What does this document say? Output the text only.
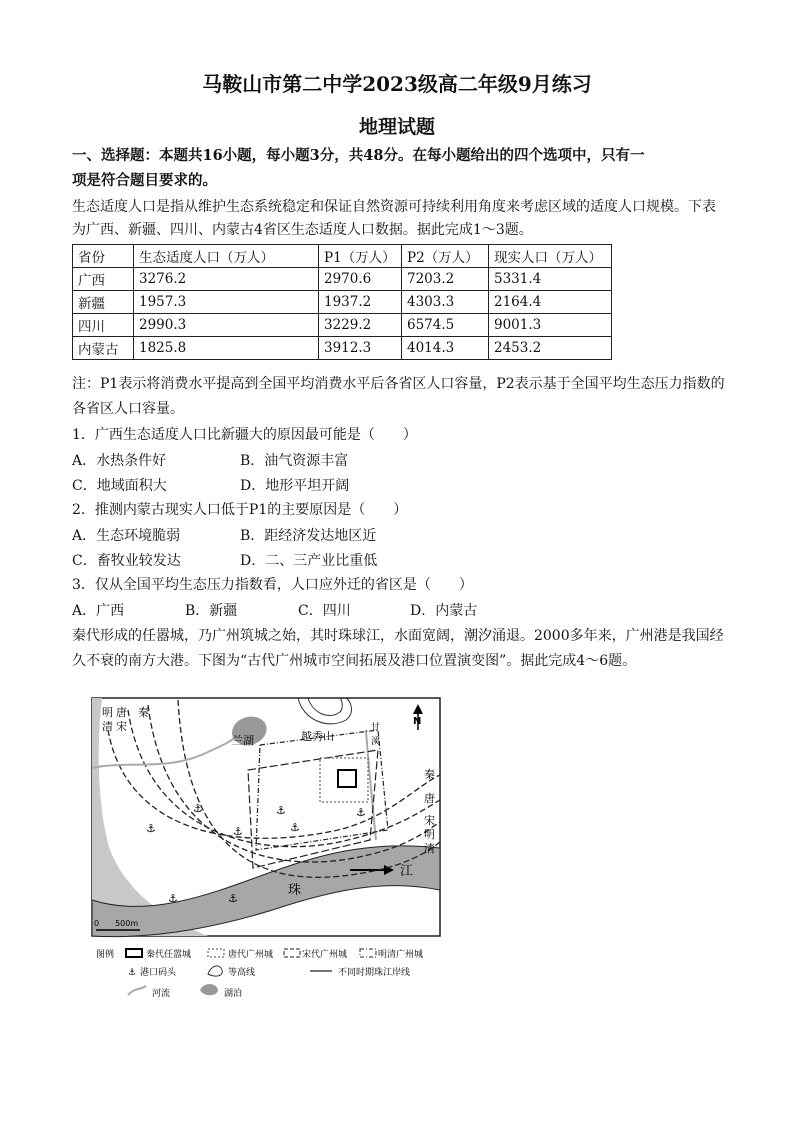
马鞍山市第二中学2023级高二年级9月练习
地理试题
一、选择题：本题共16小题，每小题3分，共48分。在每小题给出的四个选项中，只有一
项是符合题目要求的。
生态适度人口是指从维护生态系统稳定和保证自然资源可持续利用角度来考虑区域的适度人口规模。下表
为广西、新疆、四川、内蒙古4省区生态适度人口数据。据此完成1～3题。
省份	生态适度人口（万人）	P1（万人）	P2（万人）	现实人口（万人）
广西	3276.2	2970.6	7203.2	5331.4
新疆	1957.3	1937.2	4303.3	2164.4
四川	2990.3	3229.2	6574.5	9001.3
内蒙古	1825.8	3912.3	4014.3	2453.2
注：P1表示将消费水平提高到全国平均消费水平后各省区人口容量，P2表示基于全国平均生态压力指数的
各省区人口容量。
1．广西生态适度人口比新疆大的原因最可能是（　　）
A．水热条件好	B．油气资源丰富
C．地域面积大	D．地形平坦开阔
2．推测内蒙古现实人口低于P1的主要原因是（　　）
A．生态环境脆弱	B．距经济发达地区近
C．畜牧业较发达	D．二、三产业比重低
3．仅从全国平均生态压力指数看，人口应外迁的省区是（　　）
A．广西	B．新疆	C．四川	D．内蒙古
秦代形成的任嚣城，乃广州筑城之始，其时珠球江，水面宽阔，潮汐涌退。2000多年来，广州港是我国经
久不衰的南方大港。下图为“古代广州城市空间拓展及港口位置演变图”。据此完成4～6题。
⚓
⚓
⚓
⚓
⚓
⚓
⚓	⚓
N
明
清
唐
宋
秦
兰湖	越秀山
甘
溪
秦
唐
宋
明
清
珠
江
0　　500m
图例	秦代任嚣城	唐代广州城	宋代广州城	明清广州城
⚓ 港口码头	等高线	不同时期珠江岸线
河流	湖泊
